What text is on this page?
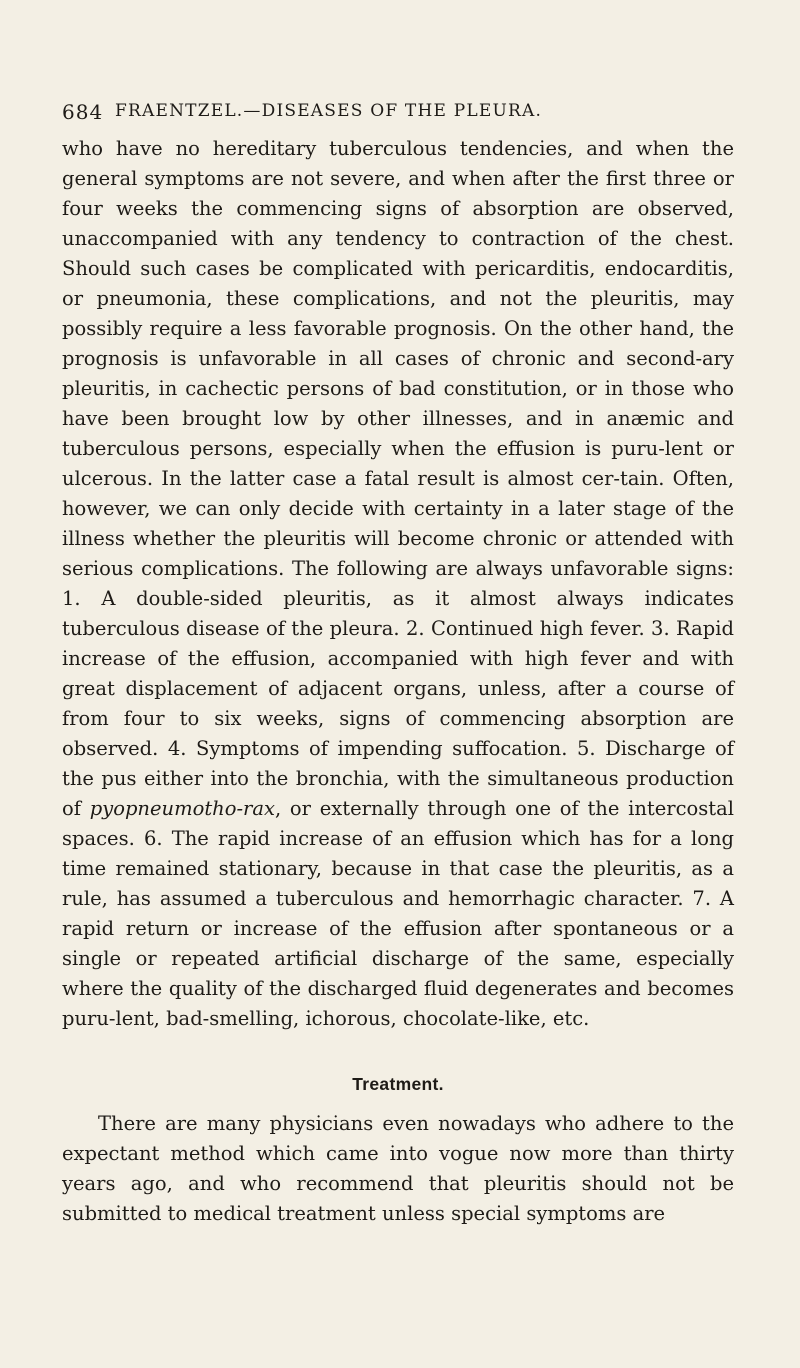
684 FRAENTZEL.—DISEASES OF THE PLEURA.

who have no hereditary tuberculous tendencies, and when the general symptoms are not severe, and when after the first three or four weeks the commencing signs of absorption are observed, unaccompanied with any tendency to contraction of the chest. Should such cases be complicated with pericarditis, endocarditis, or pneumonia, these complications, and not the pleuritis, may possibly require a less favorable prognosis. On the other hand, the prognosis is unfavorable in all cases of chronic and second-ary pleuritis, in cachectic persons of bad constitution, or in those who have been brought low by other illnesses, and in anæmic and tuberculous persons, especially when the effusion is puru-lent or ulcerous. In the latter case a fatal result is almost cer-tain. Often, however, we can only decide with certainty in a later stage of the illness whether the pleuritis will become chronic or attended with serious complications. The following are always unfavorable signs: 1. A double-sided pleuritis, as it almost always indicates tuberculous disease of the pleura. 2. Continued high fever. 3. Rapid increase of the effusion, accompanied with high fever and with great displacement of adjacent organs, unless, after a course of from four to six weeks, signs of commencing absorption are observed. 4. Symptoms of impending suffocation. 5. Discharge of the pus either into the bronchia, with the simultaneous production of pyopneumotho-rax, or externally through one of the intercostal spaces. 6. The rapid increase of an effusion which has for a long time remained stationary, because in that case the pleuritis, as a rule, has assumed a tuberculous and hemorrhagic character. 7. A rapid return or increase of the effusion after spontaneous or a single or repeated artificial discharge of the same, especially where the quality of the discharged fluid degenerates and becomes puru-lent, bad-smelling, ichorous, chocolate-like, etc.

Treatment.

There are many physicians even nowadays who adhere to the expectant method which came into vogue now more than thirty years ago, and who recommend that pleuritis should not be submitted to medical treatment unless special symptoms are
